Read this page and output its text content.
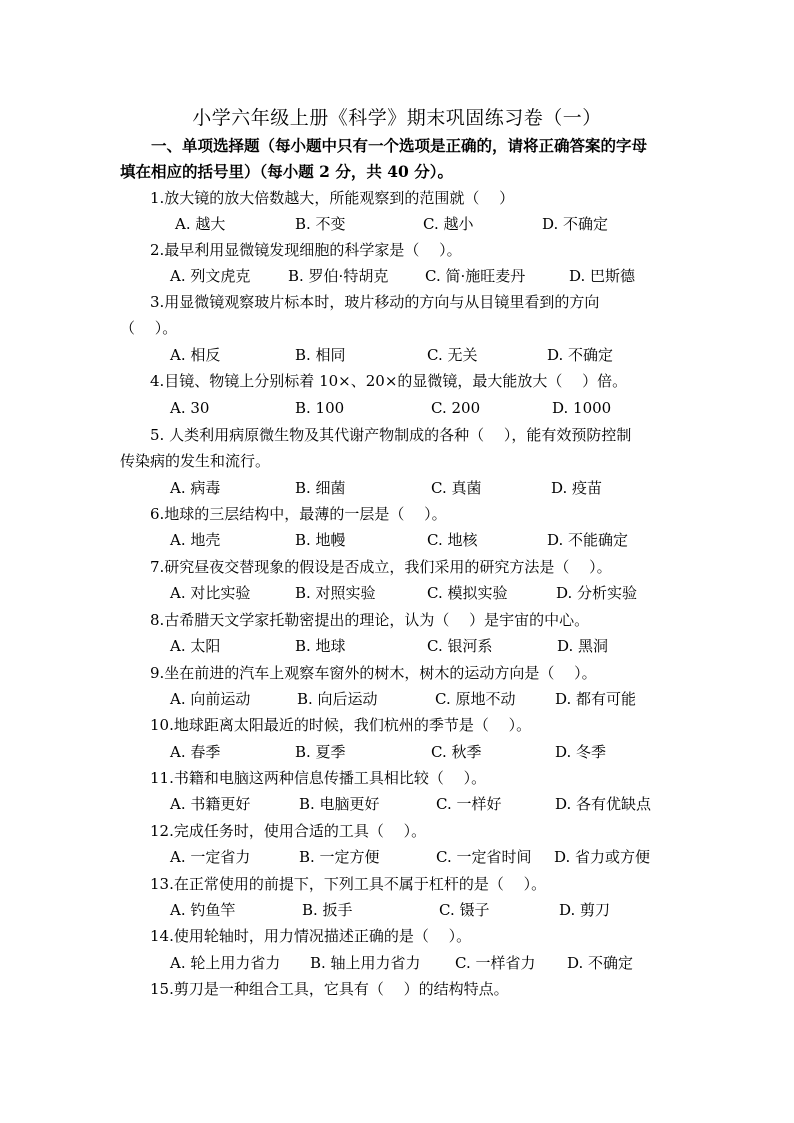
小学六年级上册《科学》期末巩固练习卷（一）
一、单项选择题（每小题中只有一个选项是正确的，请将正确答案的字母
填在相应的括号里）（每小题 2 分，共 40 分）。
1.放大镜的放大倍数越大，所能观察到的范围就（　 ）
A. 越大	B. 不变	C. 越小	D. 不确定
2.最早利用显微镜发现细胞的科学家是（　 ）。
A. 列文虎克	B. 罗伯·特胡克 C. 简·施旺麦丹	D. 巴斯德
3.用显微镜观察玻片标本时，玻片移动的方向与从目镜里看到的方向
（　 ）。
A. 相反	B. 相同	C. 无关	D. 不确定
4.目镜、物镜上分别标着 10×、20×的显微镜，最大能放大（　 ）倍。
A. 30	B. 100	C. 200	D. 1000
5. 人类利用病原微生物及其代谢产物制成的各种（　 ），能有效预防控制
传染病的发生和流行。
A. 病毒	B. 细菌	C. 真菌	D. 疫苗
6.地球的三层结构中，最薄的一层是（　 ）。
A. 地壳	B. 地幔	C. 地核	D. 不能确定
7.研究昼夜交替现象的假设是否成立，我们采用的研究方法是（　 ）。
A. 对比实验	B. 对照实验	C. 模拟实验	D. 分析实验
8.古希腊天文学家托勒密提出的理论，认为（　 ）是宇宙的中心。
A. 太阳	B. 地球	C. 银河系	D. 黑洞
9.坐在前进的汽车上观察车窗外的树木，树木的运动方向是（　 ）。
A. 向前运动	B. 向后运动	C. 原地不动	D. 都有可能
10.地球距离太阳最近的时候，我们杭州的季节是（　 ）。
A. 春季	B. 夏季	C. 秋季	D. 冬季
11.书籍和电脑这两种信息传播工具相比较（　 ）。
A. 书籍更好	B. 电脑更好	C. 一样好	D. 各有优缺点
12.完成任务时，使用合适的工具（　 ）。
A. 一定省力	B. 一定方便	C. 一定省时间 D. 省力或方便
13.在正常使用的前提下，下列工具不属于杠杆的是（　 ）。
A. 钓鱼竿	B. 扳手	C. 镊子	D. 剪刀
14.使用轮轴时，用力情况描述正确的是（　 ）。
A. 轮上用力省力 B. 轴上用力省力 C. 一样省力 D. 不确定
15.剪刀是一种组合工具，它具有（　 ）的结构特点。
